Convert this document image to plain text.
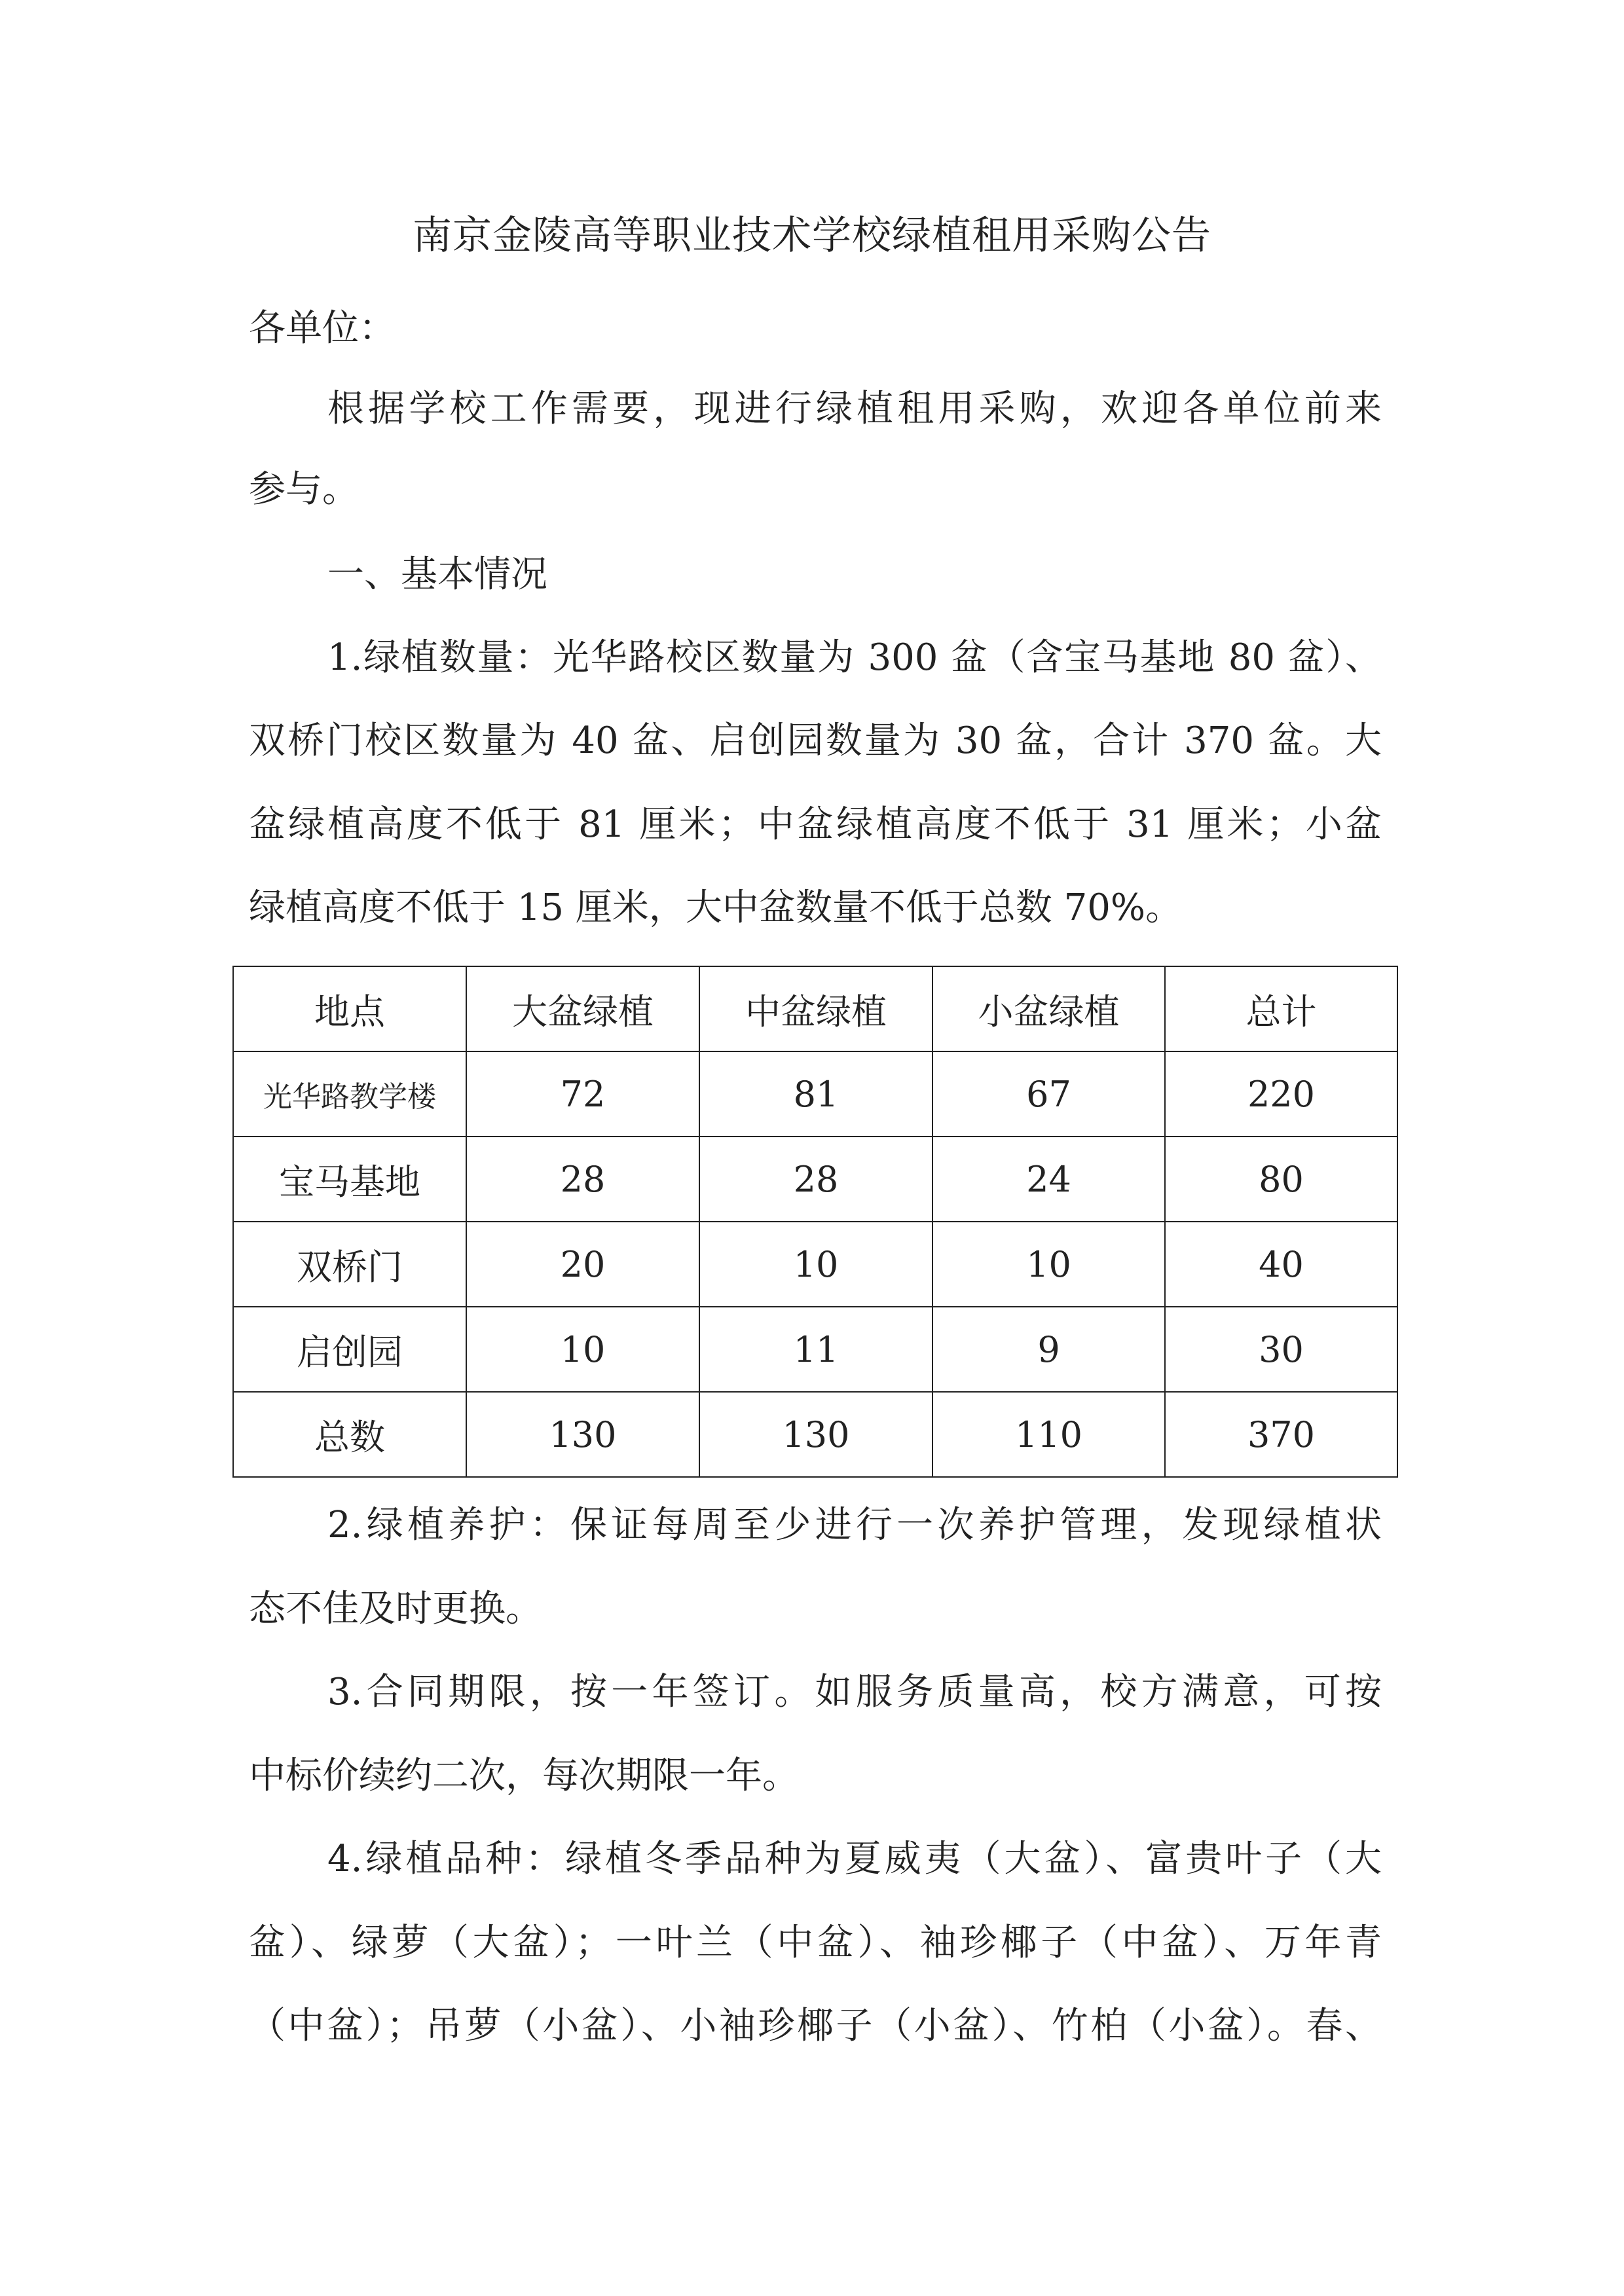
南京金陵高等职业技术学校绿植租用采购公告
各单位：
根据学校工作需要，现进行绿植租用采购，欢迎各单位前来
参与。
一、基本情况
1.绿植数量：光华路校区数量为 300 盆（含宝马基地 80 盆）、
双桥门校区数量为 40 盆、启创园数量为 30 盆，合计 370 盆。大
盆绿植高度不低于 81 厘米；中盆绿植高度不低于 31 厘米；小盆
绿植高度不低于 15 厘米，大中盆数量不低于总数 70%。
地点	大盆绿植	中盆绿植	小盆绿植	总计
光华路教学楼	72	81	67	220
宝马基地	28	28	24	80
双桥门	20	10	10	40
启创园	10	11	9	30
总数	130	130	110	370
2.绿植养护：保证每周至少进行一次养护管理，发现绿植状
态不佳及时更换。
3.合同期限，按一年签订。如服务质量高，校方满意，可按
中标价续约二次，每次期限一年。
4.绿植品种：绿植冬季品种为夏威夷（大盆）、富贵叶子（大
盆）、绿萝（大盆）；一叶兰（中盆）、袖珍椰子（中盆）、万年青
（中盆）；吊萝（小盆）、小袖珍椰子（小盆）、竹柏（小盆）。春、
